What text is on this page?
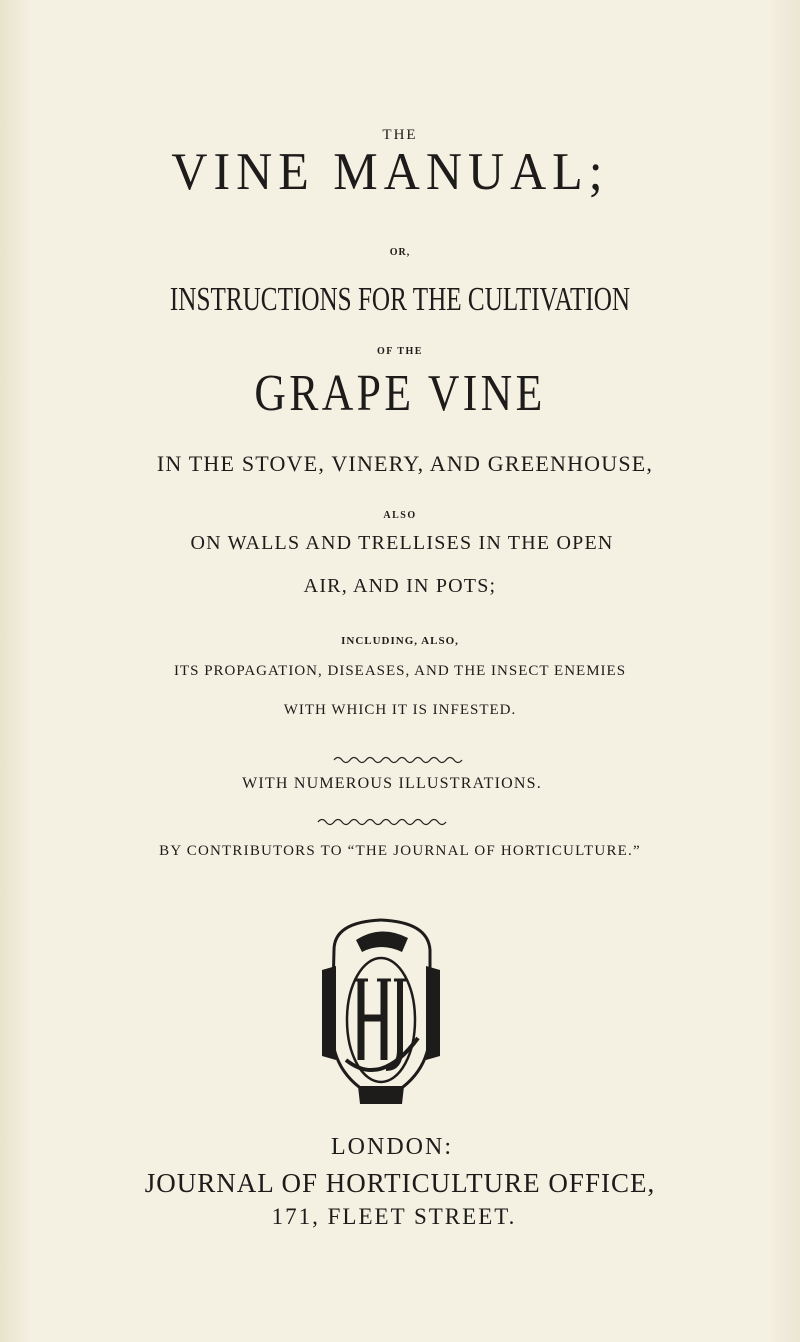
THE

VINE MANUAL;

OR,

INSTRUCTIONS FOR THE CULTIVATION

OF THE

GRAPE VINE

IN THE STOVE, VINERY, AND GREENHOUSE,

ALSO

ON WALLS AND TRELLISES IN THE OPEN

AIR, AND IN POTS;

INCLUDING, ALSO,

ITS PROPAGATION, DISEASES, AND THE INSECT ENEMIES

WITH WHICH IT IS INFESTED.

WITH NUMEROUS ILLUSTRATIONS.

BY CONTRIBUTORS TO “THE JOURNAL OF HORTICULTURE.”

LONDON:

JOURNAL OF HORTICULTURE OFFICE,

171, FLEET STREET.
